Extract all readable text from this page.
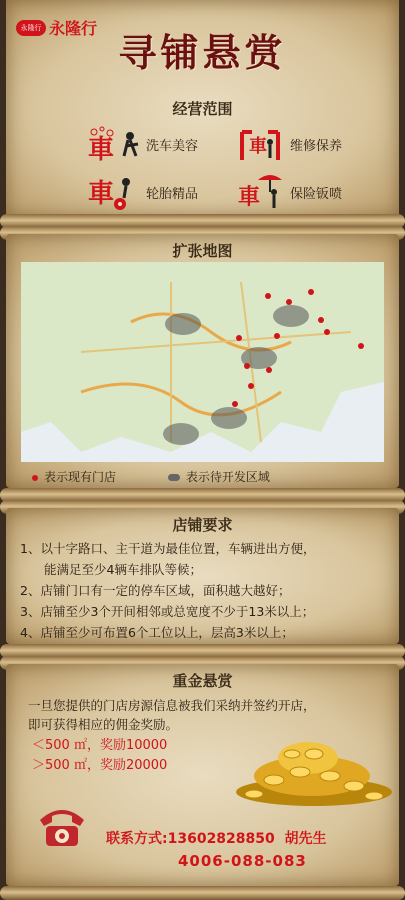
永隆行 永隆行
寻铺悬赏
经营范围
車 洗车美容	車 维修保养
車 轮胎精品 車 保险钣喷
扩张地图
表示现有门店	表示待开发区域
店铺要求
1、以十字路口、主干道为最佳位置，车辆进出方便，
能满足至少4辆车排队等候；
2、店铺门口有一定的停车区域，面积越大越好；
3、店铺至少3个开间相邻或总宽度不少于13米以上；
4、店铺至少可布置6个工位以上，层高3米以上；
重金悬赏
一旦您提供的门店房源信息被我们采纳并签约开店，
即可获得相应的佣金奖励。
＜500 ㎡，奖励10000
＞500 ㎡，奖励20000
联系方式:13602828850  胡先生
4006-088-083
